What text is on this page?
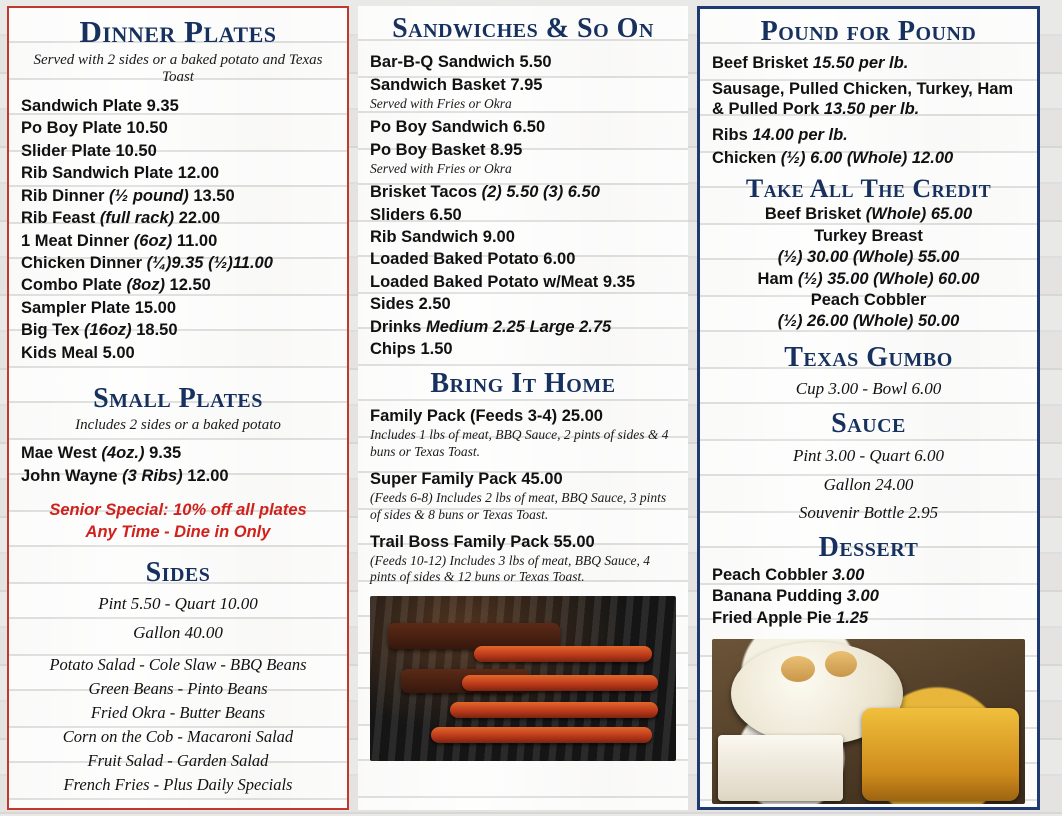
Dinner Plates
Served with 2 sides or a baked potato and Texas Toast
Sandwich Plate 9.35
Po Boy Plate 10.50
Slider Plate 10.50
Rib Sandwich Plate 12.00
Rib Dinner (½ pound) 13.50
Rib Feast (full rack) 22.00
1 Meat Dinner (6oz) 11.00
Chicken Dinner (¼)9.35 (½)11.00
Combo Plate (8oz) 12.50
Sampler Plate 15.00
Big Tex (16oz) 18.50
Kids Meal 5.00
Small Plates
Includes 2 sides or a baked potato
Mae West (4oz.) 9.35
John Wayne (3 Ribs) 12.00
Senior Special: 10% off all plates
Any Time - Dine in Only
Sides
Pint 5.50 - Quart 10.00
Gallon 40.00
Potato Salad - Cole Slaw - BBQ Beans
Green Beans - Pinto Beans
Fried Okra - Butter Beans
Corn on the Cob - Macaroni Salad
Fruit Salad - Garden Salad
French Fries - Plus Daily Specials
Sandwiches & So On
Bar-B-Q Sandwich 5.50
Sandwich Basket 7.95
Served with Fries or Okra
Po Boy Sandwich 6.50
Po Boy Basket 8.95
Served with Fries or Okra
Brisket Tacos (2) 5.50 (3) 6.50
Sliders 6.50
Rib Sandwich 9.00
Loaded Baked Potato 6.00
Loaded Baked Potato w/Meat 9.35
Sides 2.50
Drinks Medium 2.25 Large 2.75
Chips 1.50
Bring It Home
Family Pack (Feeds 3-4) 25.00
Includes 1 lbs of meat, BBQ Sauce, 2 pints of sides & 4 buns or Texas Toast.
Super Family Pack 45.00
(Feeds 6-8) Includes 2 lbs of meat, BBQ Sauce, 3 pints of sides & 8 buns or Texas Toast.
Trail Boss Family Pack 55.00
(Feeds 10-12) Includes 3 lbs of meat, BBQ Sauce, 4 pints of sides & 12 buns or Texas Toast.
Pound for Pound
Beef Brisket 15.50 per lb.
Sausage, Pulled Chicken, Turkey, Ham & Pulled Pork 13.50 per lb.
Ribs 14.00 per lb.
Chicken (½) 6.00 (Whole) 12.00
Take All The Credit
Beef Brisket (Whole) 65.00
Turkey Breast
(½) 30.00 (Whole) 55.00
Ham (½) 35.00 (Whole) 60.00
Peach Cobbler
(½) 26.00 (Whole) 50.00
Texas Gumbo
Cup 3.00 - Bowl 6.00
Sauce
Pint 3.00 - Quart 6.00
Gallon 24.00
Souvenir Bottle 2.95
Dessert
Peach Cobbler 3.00
Banana Pudding 3.00
Fried Apple Pie 1.25
